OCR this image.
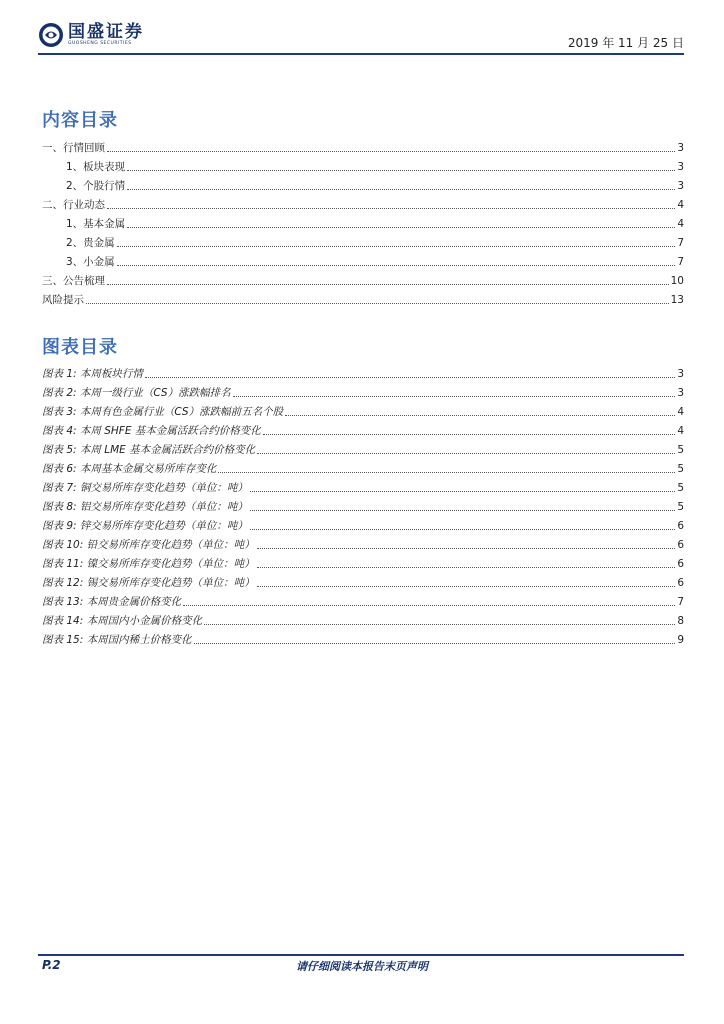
国盛证券
GUOSHENG SECURITIES	2019 年 11 月 25 日
内容目录
一、行情回顾	3
1、板块表现	3
2、个股行情	3
二、行业动态	4
1、基本金属	4
2、贵金属	7
3、小金属	7
三、公告梳理	10
风险提示	13
图表目录
图表 1: 本周板块行情	3
图表 2: 本周一级行业（CS）涨跌幅排名	3
图表 3: 本周有色金属行业（CS）涨跌幅前五名个股	4
图表 4: 本周 SHFE 基本金属活跃合约价格变化	4
图表 5: 本周 LME 基本金属活跃合约价格变化	5
图表 6: 本周基本金属交易所库存变化	5
图表 7: 铜交易所库存变化趋势（单位：吨）	5
图表 8: 铝交易所库存变化趋势（单位：吨）	5
图表 9: 锌交易所库存变化趋势（单位：吨）	6
图表 10: 铅交易所库存变化趋势（单位：吨）	6
图表 11: 镍交易所库存变化趋势（单位：吨）	6
图表 12: 锡交易所库存变化趋势（单位：吨）	6
图表 13: 本周贵金属价格变化	7
图表 14: 本周国内小金属价格变化	8
图表 15: 本周国内稀土价格变化	9
P.2	请仔细阅读本报告末页声明
